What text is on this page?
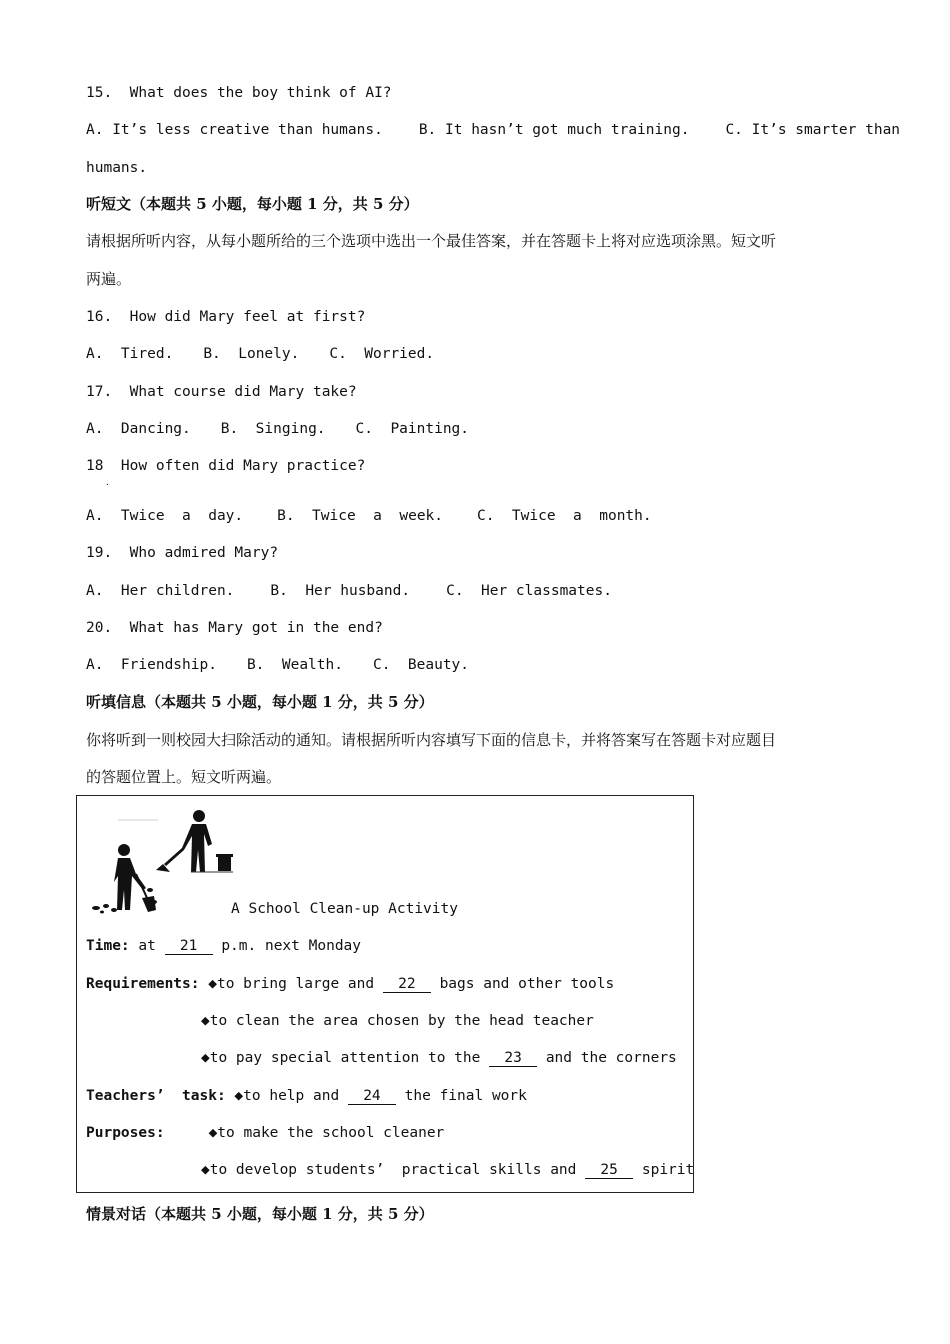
15.  What does the boy think of AI?
A. It’s less creative than humans. B. It hasn’t got much training. C. It’s smarter than
humans.
听短文（本题共 5 小题，每小题 1 分，共 5 分）
请根据所听内容，从每小题所给的三个选项中选出一个最佳答案，并在答题卡上将对应选项涂黑。短文听
两遍。
16.  How did Mary feel at first?
A.  Tired. B.  Lonely. C.  Worried.
17.  What course did Mary take?
A.  Dancing. B.  Singing. C.  Painting.
18  How often did Mary practice?
·
A.  Twice  a  day. B.  Twice  a  week. C.  Twice  a  month.
19.  Who admired Mary?
A.  Her children. B.  Her husband. C.  Her classmates.
20.  What has Mary got in the end?
A.  Friendship. B.  Wealth. C.  Beauty.
听填信息（本题共 5 小题，每小题 1 分，共 5 分）
你将听到一则校园大扫除活动的通知。请根据所听内容填写下面的信息卡，并将答案写在答题卡对应题目
的答题位置上。短文听两遍。
A School Clean-up Activity
Time: at 21 p.m. next Monday
Requirements: ◆to bring large and 22 bags and other tools
◆to clean the area chosen by the head teacher
◆to pay special attention to the 23 and the corners
Teachers’  task: ◆to help and 24 the final work
Purposes:	◆to make the school cleaner
◆to develop students’  practical skills and 25 spirit
情景对话（本题共 5 小题，每小题 1 分，共 5 分）
